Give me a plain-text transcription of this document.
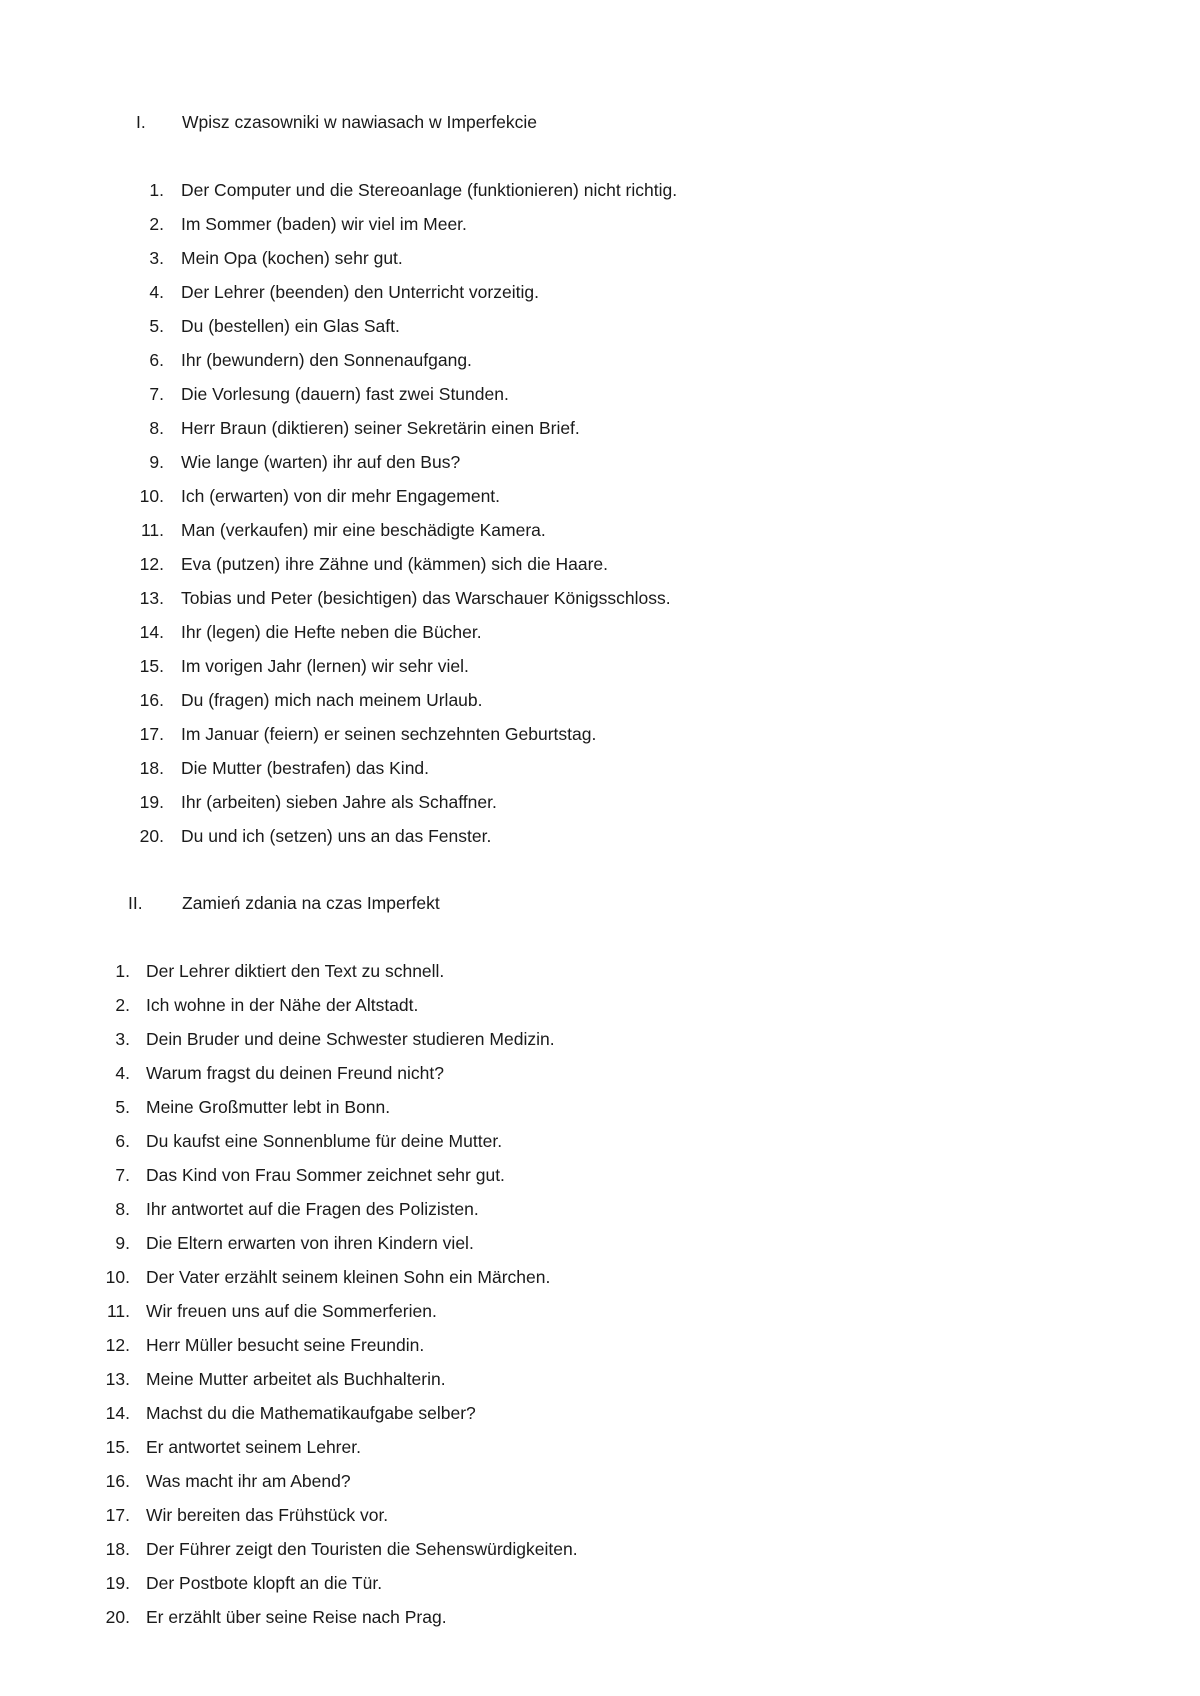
I.	Wpisz czasowniki w nawiasach w Imperfekcie
1. Der Computer und die Stereoanlage (funktionieren) nicht richtig.
2. Im Sommer (baden) wir viel im Meer.
3. Mein Opa (kochen) sehr gut.
4. Der Lehrer (beenden) den Unterricht vorzeitig.
5. Du (bestellen) ein Glas Saft.
6. Ihr (bewundern) den Sonnenaufgang.
7. Die Vorlesung (dauern) fast zwei Stunden.
8. Herr Braun (diktieren) seiner Sekretärin einen Brief.
9. Wie lange (warten) ihr auf den Bus?
10. Ich (erwarten) von dir mehr Engagement.
11. Man (verkaufen) mir eine beschädigte Kamera.
12. Eva (putzen) ihre Zähne und (kämmen) sich die Haare.
13. Tobias und Peter (besichtigen) das Warschauer Königsschloss.
14. Ihr (legen) die Hefte neben die Bücher.
15. Im vorigen Jahr (lernen) wir sehr viel.
16. Du (fragen) mich nach meinem Urlaub.
17. Im Januar (feiern) er seinen sechzehnten Geburtstag.
18. Die Mutter (bestrafen) das Kind.
19. Ihr (arbeiten) sieben Jahre als Schaffner.
20. Du und ich (setzen) uns an das Fenster.
II.	Zamień zdania na czas Imperfekt
1. Der Lehrer diktiert den Text zu schnell.
2. Ich wohne in der Nähe der Altstadt.
3. Dein Bruder und deine Schwester studieren Medizin.
4. Warum fragst du deinen Freund nicht?
5. Meine Großmutter lebt in Bonn.
6. Du kaufst eine Sonnenblume für deine Mutter.
7. Das Kind von Frau Sommer zeichnet sehr gut.
8. Ihr antwortet auf die Fragen des Polizisten.
9. Die Eltern erwarten von ihren Kindern viel.
10. Der Vater erzählt seinem kleinen Sohn ein Märchen.
11. Wir freuen uns auf die Sommerferien.
12. Herr Müller besucht seine Freundin.
13. Meine Mutter arbeitet als Buchhalterin.
14. Machst du die Mathematikaufgabe selber?
15. Er antwortet seinem Lehrer.
16. Was macht ihr am Abend?
17. Wir bereiten das Frühstück vor.
18. Der Führer zeigt den Touristen die Sehenswürdigkeiten.
19. Der Postbote klopft an die Tür.
20. Er erzählt über seine Reise nach Prag.
